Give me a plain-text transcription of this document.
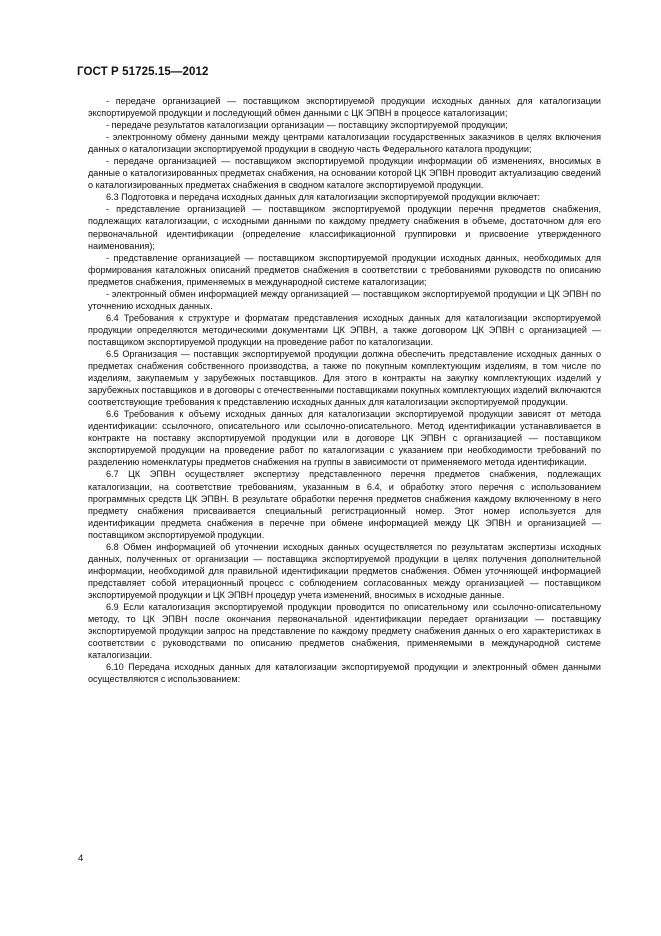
ГОСТ Р 51725.15—2012

- передаче организацией — поставщиком экспортируемой продукции исходных данных для каталогизации экспортируемой продукции и последующий обмен данными с ЦК ЭПВН в процессе каталогизации;

- передаче результатов каталогизации организации — поставщику экспортируемой продукции;

- электронному обмену данными между центрами каталогизации государственных заказчиков в целях включения данных о каталогизации экспортируемой продукции в сводную часть Федерального каталога продукции;

- передаче организацией — поставщиком экспортируемой продукции информации об изменениях, вносимых в данные о каталогизированных предметах снабжения, на основании которой ЦК ЭПВН проводит актуализацию сведений о каталогизированных предметах снабжения в сводном каталоге экспортируемой продукции.

6.3 Подготовка и передача исходных данных для каталогизации экспортируемой продукции включает:

- представление организацией — поставщиком экспортируемой продукции перечня предметов снабжения, подлежащих каталогизации, с исходными данными по каждому предмету снабжения в объеме, достаточном для его первоначальной идентификации (определение классификационной группировки и присвоение утвержденного наименования);

- представление организацией — поставщиком экспортируемой продукции исходных данных, необходимых для формирования каталожных описаний предметов снабжения в соответствии с требованиями руководств по описанию предметов снабжения, применяемых в международной системе каталогизации;

- электронный обмен информацией между организацией — поставщиком экспортируемой продукции и ЦК ЭПВН по уточнению исходных данных.

6.4 Требования к структуре и форматам представления исходных данных для каталогизации экспортируемой продукции определяются методическими документами ЦК ЭПВН, а также договором ЦК ЭПВН с организацией — поставщиком экспортируемой продукции на проведение работ по каталогизации.

6.5 Организация — поставщик экспортируемой продукции должна обеспечить представление исходных данных о предметах снабжения собственного производства, а также по покупным комплектующим изделиям, в том числе по изделиям, закупаемым у зарубежных поставщиков. Для этого в контракты на закупку комплектующих изделий у зарубежных поставщиков и в договоры с отечественными поставщиками покупных комплектующих изделий включаются соответствующие требования к представлению исходных данных для каталогизации экспортируемой продукции.

6.6 Требования к объему исходных данных для каталогизации экспортируемой продукции зависят от метода идентификации: ссылочного, описательного или ссылочно-описательного. Метод идентификации устанавливается в контракте на поставку экспортируемой продукции или в договоре ЦК ЭПВН с организацией — поставщиком экспортируемой продукции на проведение работ по каталогизации с указанием при необходимости требований по разделению номенклатуры предметов снабжения на группы в зависимости от применяемого метода идентификации.

6.7 ЦК ЭПВН осуществляет экспертизу представленного перечня предметов снабжения, подлежащих каталогизации, на соответствие требованиям, указанным в 6.4, и обработку этого перечня с использованием программных средств ЦК ЭПВН. В результате обработки перечня предметов снабжения каждому включенному в него предмету снабжения присваивается специальный регистрационный номер. Этот номер используется для идентификации предмета снабжения в перечне при обмене информацией между ЦК ЭПВН и организацией — поставщиком экспортируемой продукции.

6.8 Обмен информацией об уточнении исходных данных осуществляется по результатам экспертизы исходных данных, полученных от организации — поставщика экспортируемой продукции в целях получения дополнительной информации, необходимой для правильной идентификации предметов снабжения. Обмен уточняющей информацией представляет собой итерационный процесс с соблюдением согласованных между организацией — поставщиком экспортируемой продукции и ЦК ЭПВН процедур учета изменений, вносимых в исходные данные.

6.9 Если каталогизация экспортируемой продукции проводится по описательному или ссылочно-описательному методу, то ЦК ЭПВН после окончания первоначальной идентификации передает организации — поставщику экспортируемой продукции запрос на представление по каждому предмету снабжения данных о его характеристиках в соответствии с руководствами по описанию предметов снабжения, применяемыми в международной системе каталогизации.

6.10 Передача исходных данных для каталогизации экспортируемой продукции и электронный обмен данными осуществляются с использованием:

4
